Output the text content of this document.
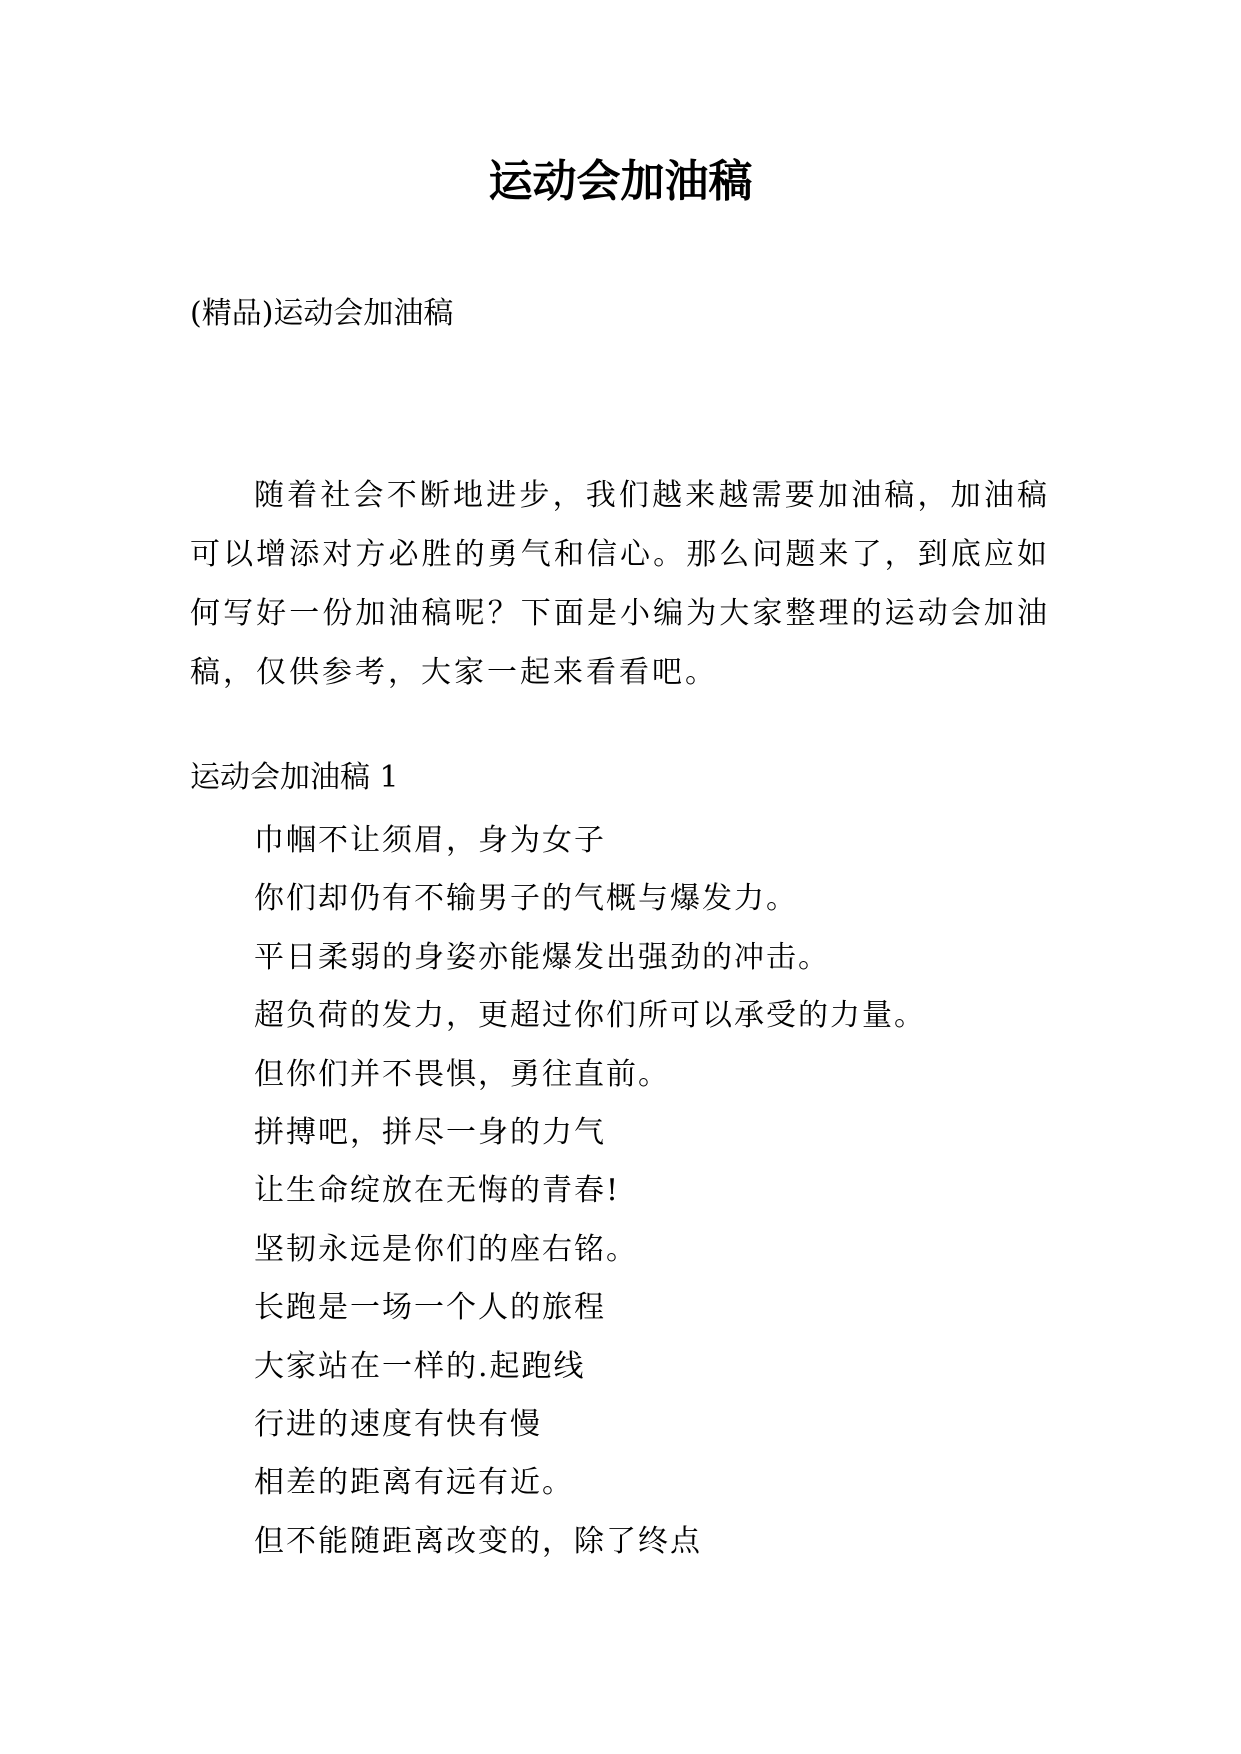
运动会加油稿

(精品)运动会加油稿

随着社会不断地进步，我们越来越需要加油稿，加油稿可以增添对方必胜的勇气和信心。那么问题来了，到底应如何写好一份加油稿呢？下面是小编为大家整理的运动会加油稿，仅供参考，大家一起来看看吧。

运动会加油稿 1

巾帼不让须眉，身为女子
你们却仍有不输男子的气概与爆发力。
平日柔弱的身姿亦能爆发出强劲的冲击。
超负荷的发力，更超过你们所可以承受的力量。
但你们并不畏惧，勇往直前。
拼搏吧，拼尽一身的力气
让生命绽放在无悔的青春!
坚韧永远是你们的座右铭。
长跑是一场一个人的旅程
大家站在一样的.起跑线
行进的速度有快有慢
相差的距离有远有近。
但不能随距离改变的，除了终点
